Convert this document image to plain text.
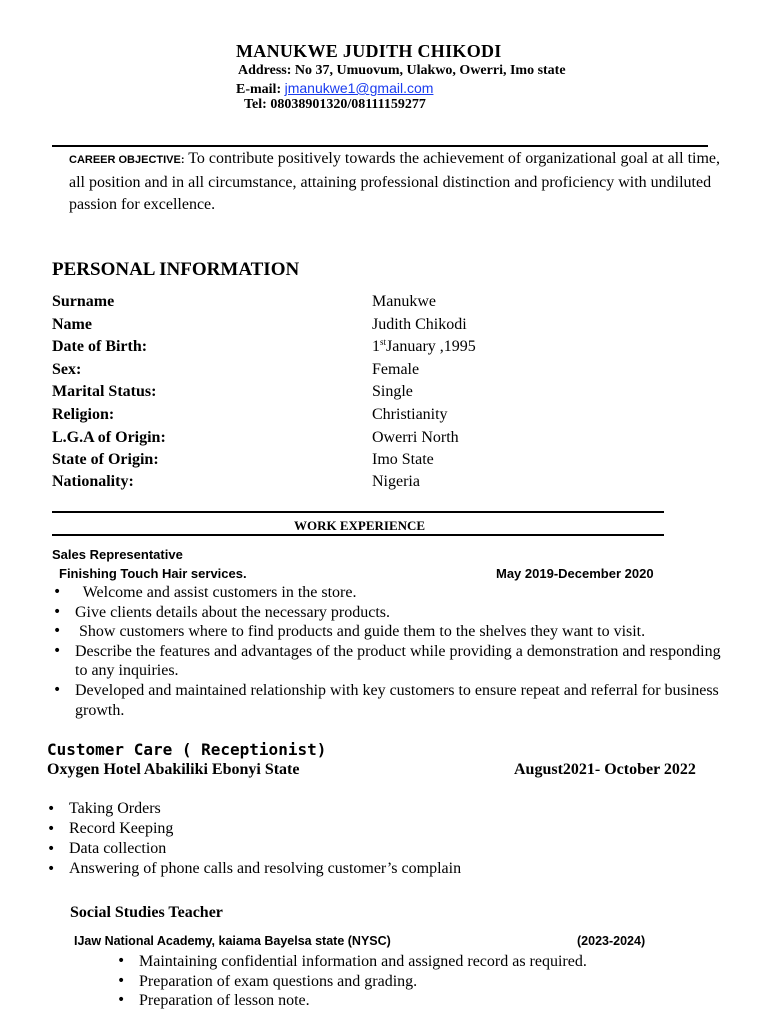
MANUKWE JUDITH CHIKODI
Address: No 37, Umuovum, Ulakwo, Owerri, Imo state
E-mail: jmanukwe1@gmail.com
Tel: 08038901320/08111159277
CAREER OBJECTIVE: To contribute positively towards the achievement of organizational goal at all time, all position and in all circumstance, attaining professional distinction and proficiency with undiluted passion for excellence.
PERSONAL INFORMATION
Surname	Manukwe
Name	Judith Chikodi
Date of Birth:	1stJanuary ,1995
Sex:	Female
Marital Status:	Single
Religion:	Christianity
L.G.A of Origin:	Owerri North
State of Origin:	Imo State
Nationality:	Nigeria
WORK EXPERIENCE
Sales Representative
Finishing Touch Hair services.	May 2019-December 2020
•   Welcome and assist customers in the store.
• Give clients details about the necessary products.
•  Show customers where to find products and guide them to the shelves they want to visit.
• Describe the features and advantages of the product while providing a demonstration and responding to any inquiries.
• Developed and maintained relationship with key customers to ensure repeat and referral for business growth.
Customer Care ( Receptionist)
Oxygen Hotel Abakiliki Ebonyi State	August2021- October 2022
• Taking Orders
• Record Keeping
• Data collection
• Answering of phone calls and resolving customer’s complain
Social Studies Teacher
IJaw National Academy, kaiama Bayelsa state (NYSC)	(2023-2024)
• Maintaining confidential information and assigned record as required.
• Preparation of exam questions and grading.
• Preparation of lesson note.
